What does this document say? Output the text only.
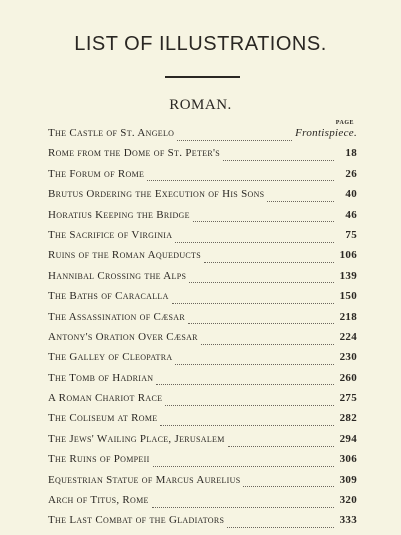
LIST OF ILLUSTRATIONS.
ROMAN.
PAGE
The Castle of St. Angelo	Frontispiece.
Rome from the Dome of St. Peter's	18
The Forum of Rome	26
Brutus Ordering the Execution of His Sons	40
Horatius Keeping the Bridge	46
The Sacrifice of Virginia	75
Ruins of the Roman Aqueducts	106
Hannibal Crossing the Alps	139
The Baths of Caracalla	150
The Assassination of Cæsar	218
Antony's Oration Over Cæsar	224
The Galley of Cleopatra	230
The Tomb of Hadrian	260
A Roman Chariot Race	275
The Coliseum at Rome	282
The Jews' Wailing Place, Jerusalem	294
The Ruins of Pompeii	306
Equestrian Statue of Marcus Aurelius	309
Arch of Titus, Rome	320
The Last Combat of the Gladiators	333
